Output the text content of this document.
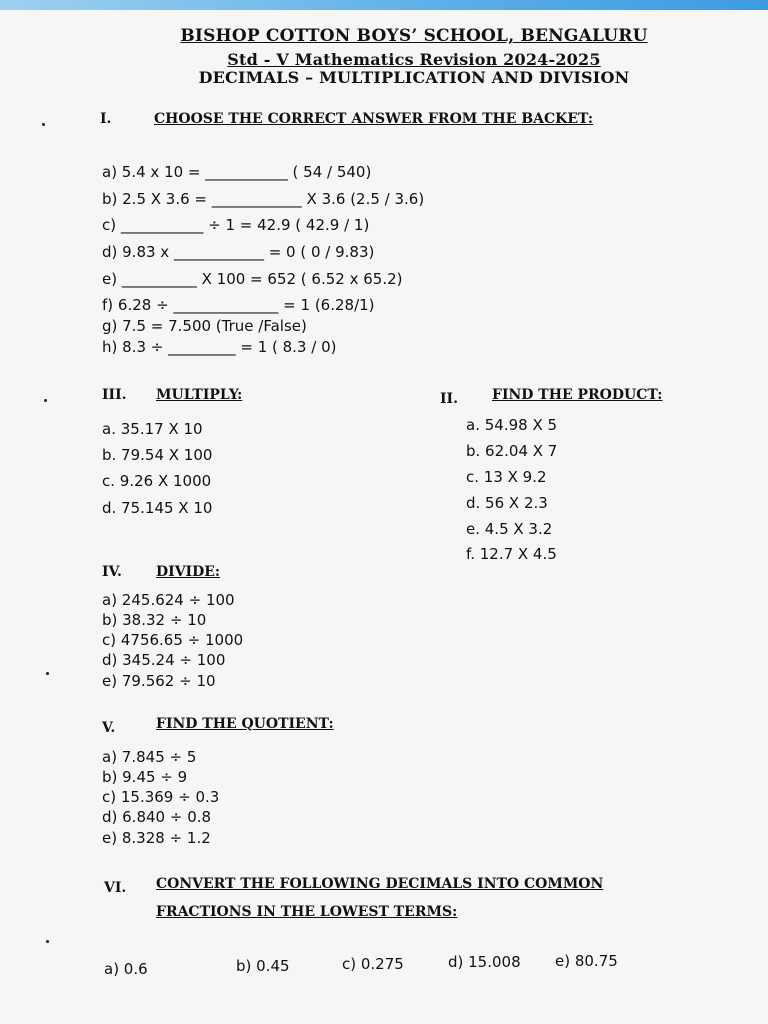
BISHOP COTTON BOYS’ SCHOOL, BENGALURU
Std - V Mathematics Revision 2024-2025
DECIMALS – MULTIPLICATION AND DIVISION
I.	CHOOSE THE CORRECT ANSWER FROM THE BACKET:
a) 5.4 x 10 = ___________ ( 54 / 540)
b) 2.5 X 3.6 = ____________ X 3.6 (2.5 / 3.6)
c) ___________ ÷ 1 = 42.9 ( 42.9 / 1)
d) 9.83 x ____________ = 0 ( 0 / 9.83)
e) __________ X 100 = 652 ( 6.52 x 65.2)
f) 6.28 ÷ ______________ = 1 (6.28/1)
g) 7.5 = 7.500 (True /False)
h) 8.3 ÷ _________ = 1 ( 8.3 / 0)
III. MULTIPLY:
a. 35.17 X 10
b. 79.54 X 100
c. 9.26 X 1000
d. 75.145 X 10
II. FIND THE PRODUCT:
a. 54.98 X 5
b. 62.04 X 7
c. 13 X 9.2
d. 56 X 2.3
e. 4.5 X 3.2
f. 12.7 X 4.5
IV. DIVIDE:
a) 245.624 ÷ 100
b) 38.32 ÷ 10
c) 4756.65 ÷ 1000
d) 345.24 ÷ 100
e) 79.562 ÷ 10
V.	FIND THE QUOTIENT:
a) 7.845 ÷ 5
b) 9.45 ÷ 9
c) 15.369 ÷ 0.3
d) 6.840 ÷ 0.8
e) 8.328 ÷ 1.2
VI. CONVERT THE FOLLOWING DECIMALS INTO COMMON
FRACTIONS IN THE LOWEST TERMS:
a) 0.6	b) 0.45	c) 0.275	d) 15.008 e) 80.75
